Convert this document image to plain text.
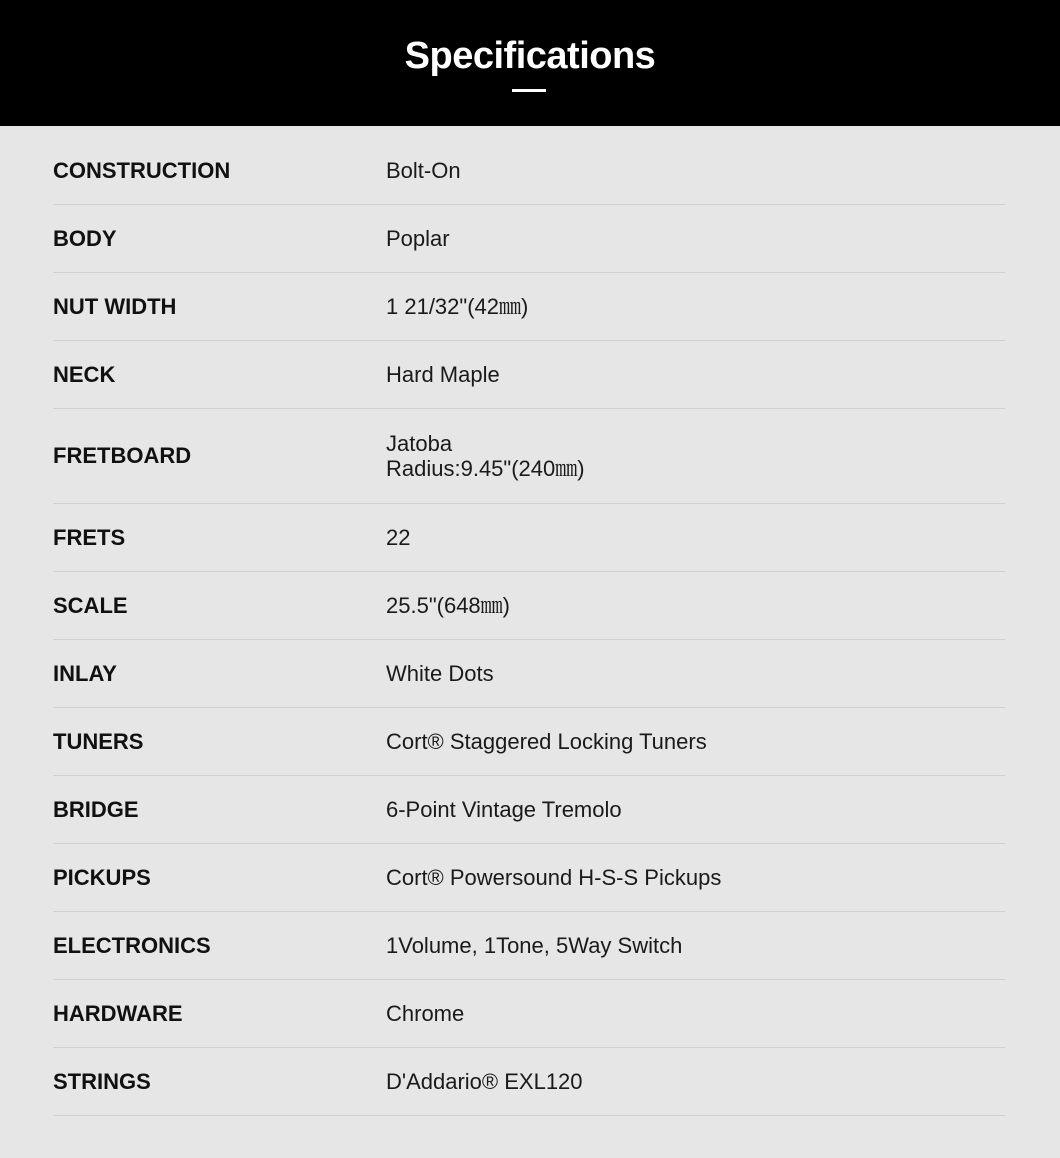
Specifications
CONSTRUCTION	Bolt-On
BODY	Poplar
NUT WIDTH	1 21/32"(42㎜)
NECK	Hard Maple
FRETBOARD	Jatoba
Radius:9.45"(240㎜)
FRETS	22
SCALE	25.5"(648㎜)
INLAY	White Dots
TUNERS	Cort® Staggered Locking Tuners
BRIDGE	6-Point Vintage Tremolo
PICKUPS	Cort® Powersound H-S-S Pickups
ELECTRONICS	1Volume, 1Tone, 5Way Switch
HARDWARE	Chrome
STRINGS	D'Addario® EXL120
